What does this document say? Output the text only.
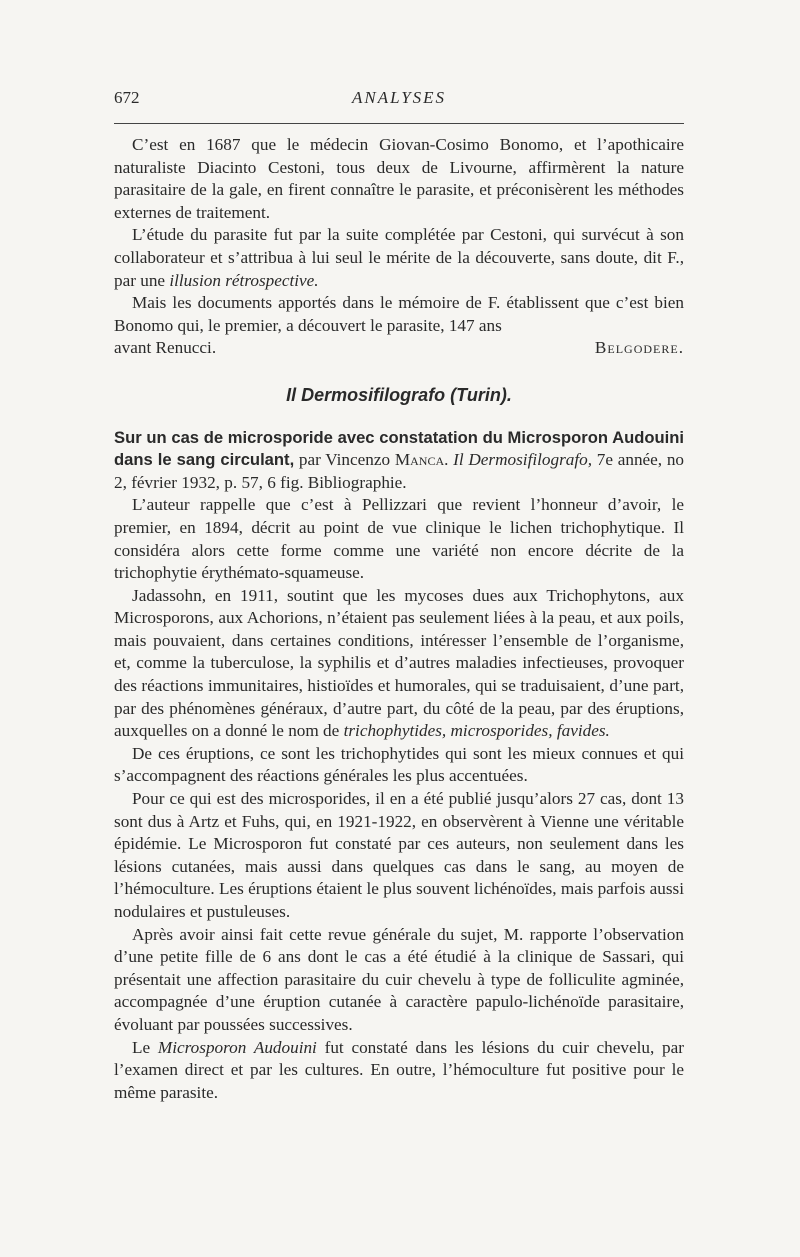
672	ANALYSES

C’est en 1687 que le médecin Giovan-Cosimo Bonomo, et l’apothicaire naturaliste Diacinto Cestoni, tous deux de Livourne, affirmèrent la nature parasitaire de la gale, en firent connaître le parasite, et préconisèrent les méthodes externes de traitement.

L’étude du parasite fut par la suite complétée par Cestoni, qui survécut à son collaborateur et s’attribua à lui seul le mérite de la découverte, sans doute, dit F., par une illusion rétrospective.

Mais les documents apportés dans le mémoire de F. établissent que c’est bien Bonomo qui, le premier, a découvert le parasite, 147 ans

avant Renucci.	Belgodere.

Il Dermosifilografo (Turin).

Sur un cas de microsporide avec constatation du Microsporon Audouini dans le sang circulant, par Vincenzo Manca. Il Dermosifilografo, 7e année, no 2, février 1932, p. 57, 6 fig. Bibliographie.

L’auteur rappelle que c’est à Pellizzari que revient l’honneur d’avoir, le premier, en 1894, décrit au point de vue clinique le lichen trichophytique. Il considéra alors cette forme comme une variété non encore décrite de la trichophytie érythémato-squameuse.

Jadassohn, en 1911, soutint que les mycoses dues aux Trichophytons, aux Microsporons, aux Achorions, n’étaient pas seulement liées à la peau, et aux poils, mais pouvaient, dans certaines conditions, intéresser l’ensemble de l’organisme, et, comme la tuberculose, la syphilis et d’autres maladies infectieuses, provoquer des réactions immunitaires, histioïdes et humorales, qui se traduisaient, d’une part, par des phénomènes généraux, d’autre part, du côté de la peau, par des éruptions, auxquelles on a donné le nom de trichophytides, microsporides, favides.

De ces éruptions, ce sont les trichophytides qui sont les mieux connues et qui s’accompagnent des réactions générales les plus accentuées.

Pour ce qui est des microsporides, il en a été publié jusqu’alors 27 cas, dont 13 sont dus à Artz et Fuhs, qui, en 1921-1922, en observèrent à Vienne une véritable épidémie. Le Microsporon fut constaté par ces auteurs, non seulement dans les lésions cutanées, mais aussi dans quelques cas dans le sang, au moyen de l’hémoculture. Les éruptions étaient le plus souvent lichénoïdes, mais parfois aussi nodulaires et pustuleuses.

Après avoir ainsi fait cette revue générale du sujet, M. rapporte l’observation d’une petite fille de 6 ans dont le cas a été étudié à la clinique de Sassari, qui présentait une affection parasitaire du cuir chevelu à type de folliculite agminée, accompagnée d’une éruption cutanée à caractère papulo-lichénoïde parasitaire, évoluant par poussées successives.

Le Microsporon Audouini fut constaté dans les lésions du cuir chevelu, par l’examen direct et par les cultures. En outre, l’hémoculture fut positive pour le même parasite.
